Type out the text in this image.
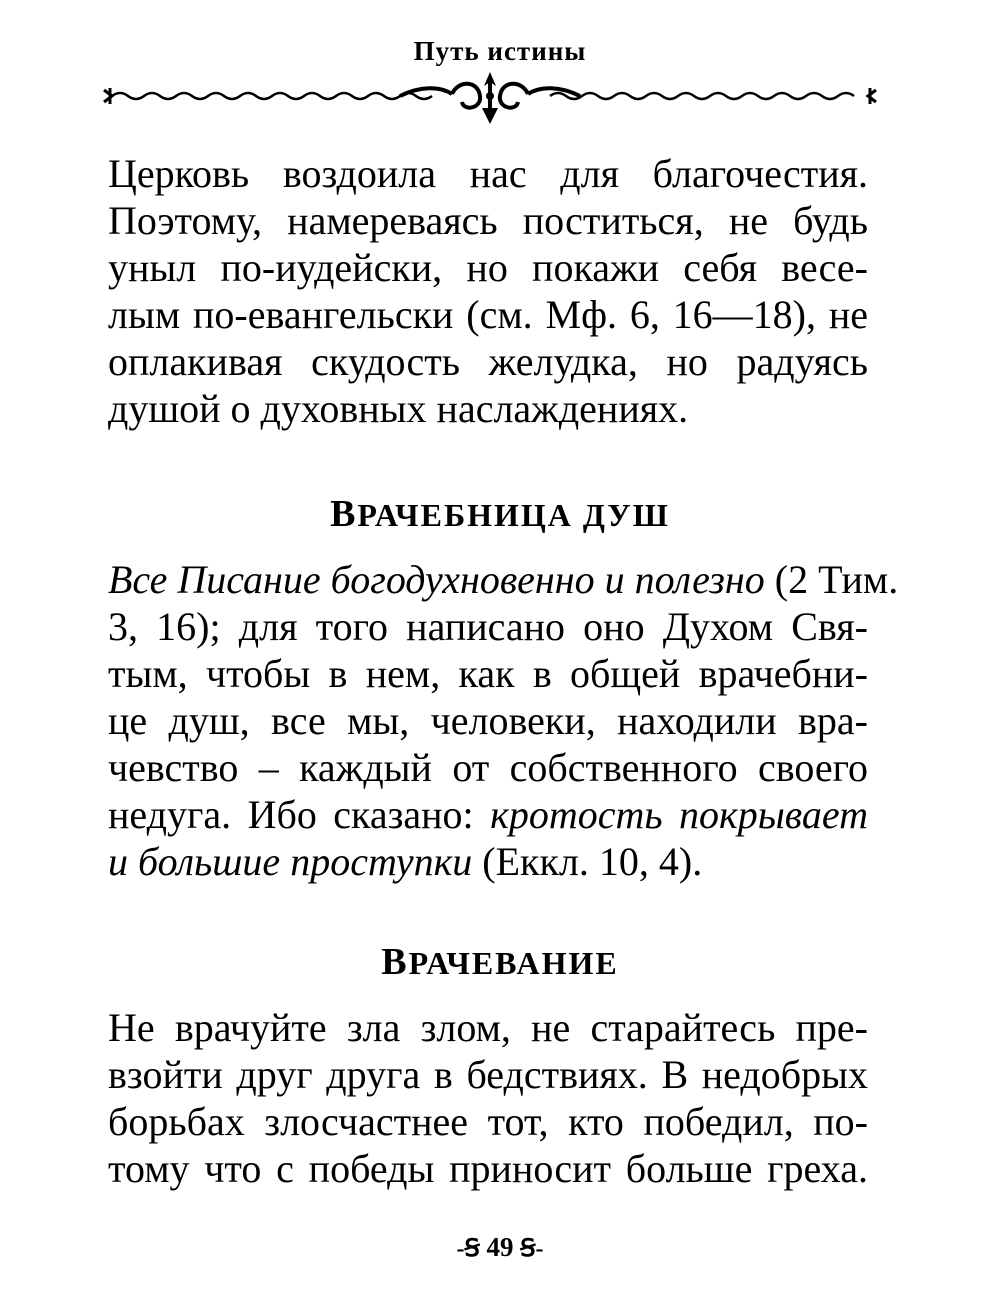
Путь истины

Церковь воздоила нас для благочестия.
Поэтому, намереваясь поститься, не будь
уныл по-иудейски, но покажи себя весе-
лым по-евангельски (см. Мф. 6, 16—18), не
оплакивая скудость желудка, но радуясь
душой о духовных наслаждениях.

ВРАЧЕБНИЦА ДУШ

Все Писание богодухновенно и полезно (2 Тим.
3, 16); для того написано оно Духом Свя-
тым, чтобы в нем, как в общей врачебни-
це душ, все мы, человеки, находили вра-
чевство – каждый от собственного своего
недуга. Ибо сказано: кротость покрывает
и большие проступки (Еккл. 10, 4).

ВРАЧЕВАНИЕ

Не врачуйте зла злом, не старайтесь пре-
взойти друг друга в бедствиях. В недобрых
борьбах злосчастнее тот, кто победил, по-
тому что с победы приносит больше греха.

-Ꞩ 49 Ꞩ-
